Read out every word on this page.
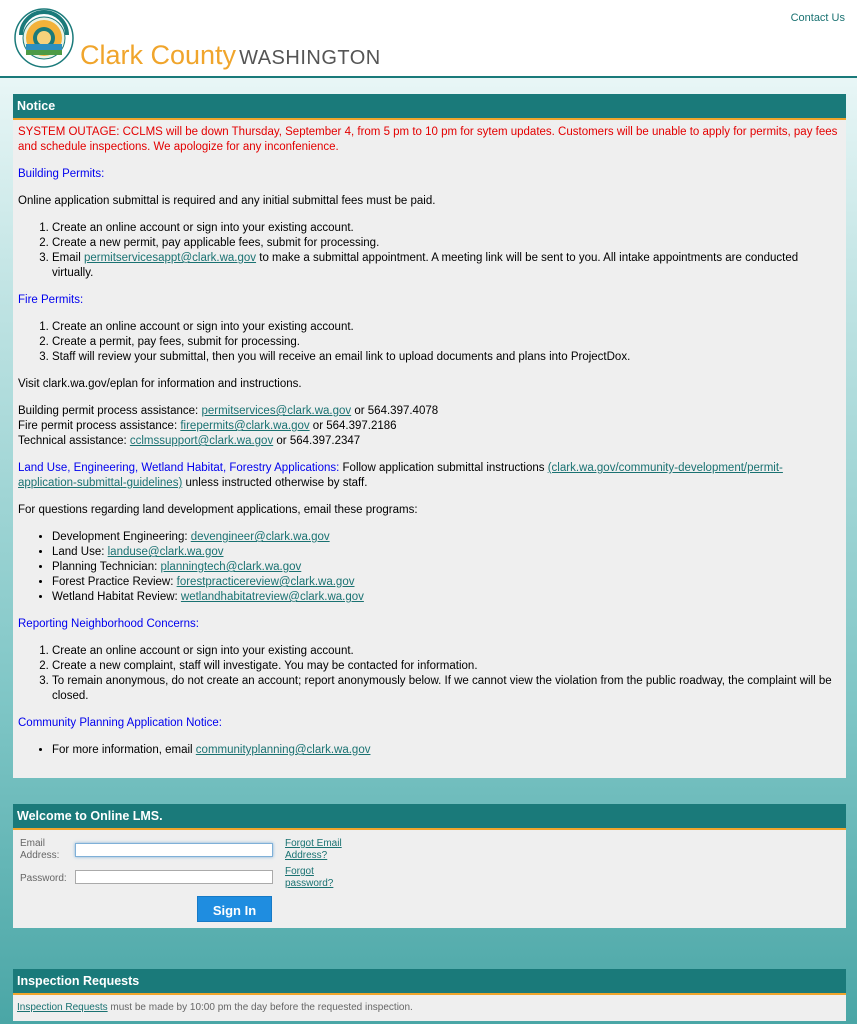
Clark County WASHINGTON
Contact Us
Notice

SYSTEM OUTAGE: CCLMS will be down Thursday, September 4, from 5 pm to 10 pm for sytem updates. Customers will be unable to apply for permits, pay fees and schedule inspections. We apologize for any inconfenience.

Building Permits:

Online application submittal is required and any initial submittal fees must be paid.

1. Create an online account or sign into your existing account.
2. Create a new permit, pay applicable fees, submit for processing.
3. Email permitservicesappt@clark.wa.gov to make a submittal appointment. A meeting link will be sent to you. All intake appointments are conducted virtually.
Fire Permits:
1. Create an online account or sign into your existing account.
2. Create a permit, pay fees, submit for processing.
3. Staff will review your submittal, then you will receive an email link to upload documents and plans into ProjectDox.

Visit clark.wa.gov/eplan for information and instructions.

Building permit process assistance: permitservices@clark.wa.gov or 564.397.4078
Fire permit process assistance: firepermits@clark.wa.gov or 564.397.2186
Technical assistance: cclmssupport@clark.wa.gov or 564.397.2347

Land Use, Engineering, Wetland Habitat, Forestry Applications: Follow application submittal instructions (clark.wa.gov/community-development/permit-application-submittal-guidelines) unless instructed otherwise by staff.

For questions regarding land development applications, email these programs:

• Development Engineering: devengineer@clark.wa.gov
• Land Use: landuse@clark.wa.gov
• Planning Technician: planningtech@clark.wa.gov
• Forest Practice Review: forestpracticereview@clark.wa.gov
• Wetland Habitat Review: wetlandhabitatreview@clark.wa.gov
Reporting Neighborhood Concerns:
1. Create an online account or sign into your existing account.
2. Create a new complaint, staff will investigate. You may be contacted for information.
3. To remain anonymous, do not create an account; report anonymously below. If we cannot view the violation from the public roadway, the complaint will be closed.
Community Planning Application Notice:
• For more information, email communityplanning@clark.wa.gov
Welcome to Online LMS.
Email
Address:
Forgot Email
Address?
Password:
Forgot
password?
Sign In
Inspection Requests
Inspection Requests must be made by 10:00 pm the day before the requested inspection.
